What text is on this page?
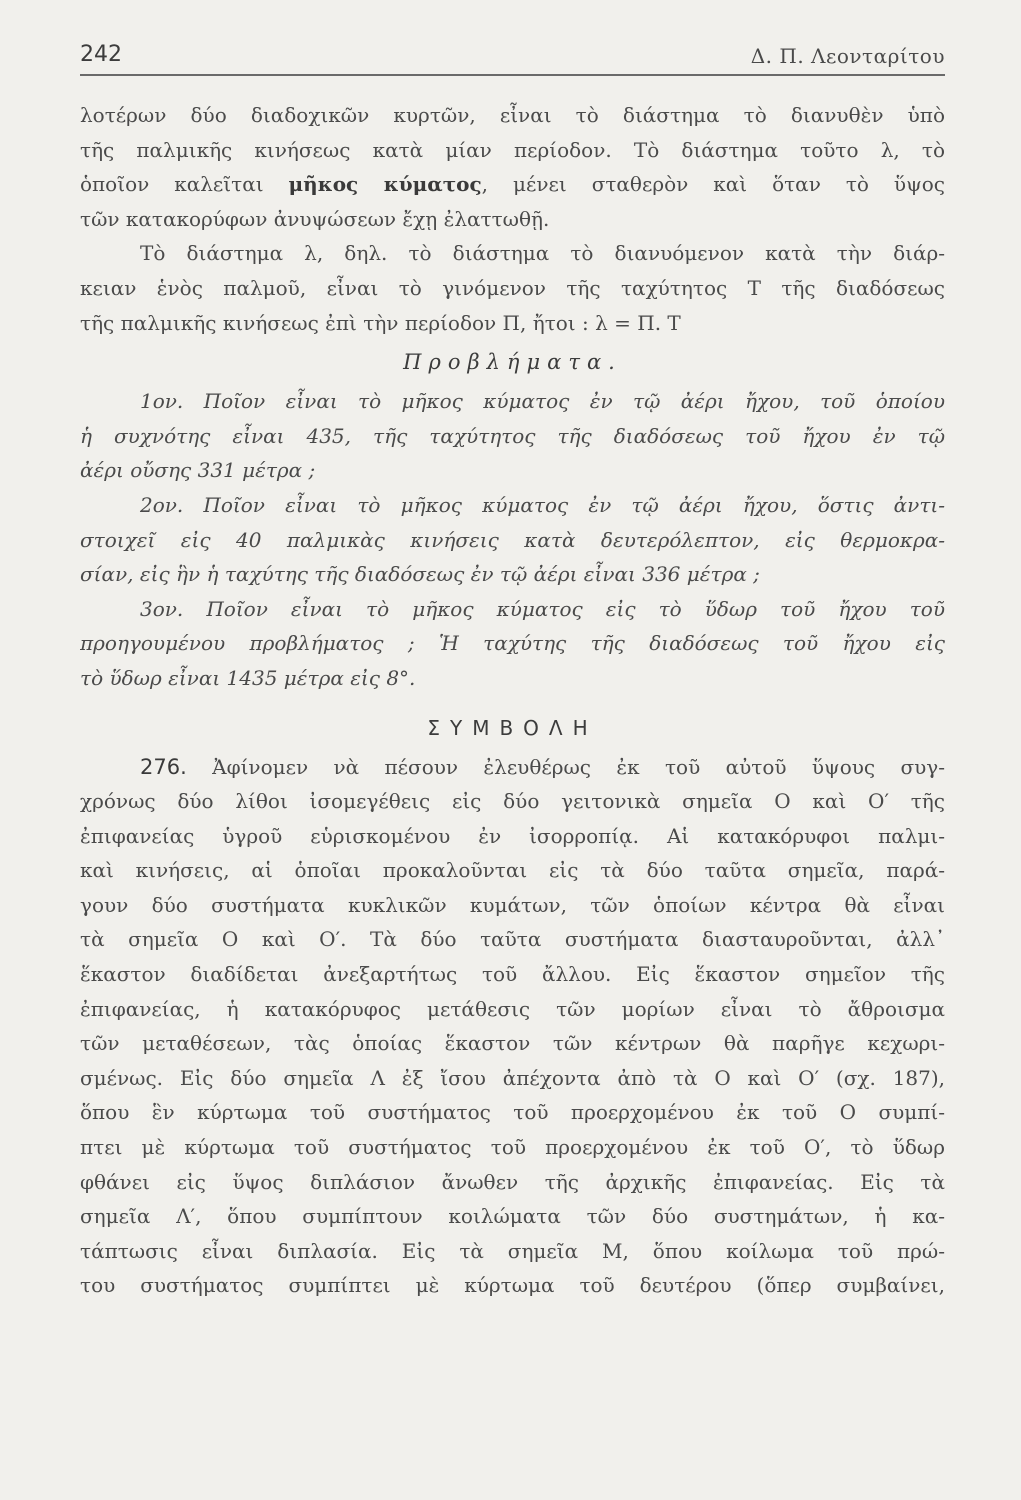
242	Δ. Π. Λεονταρίτου
λοτέρων δύο διαδοχικῶν κυρτῶν, εἶναι τὸ διάστημα τὸ διανυθὲν ὑπὸ
τῆς παλμικῆς κινήσεως κατὰ μίαν περίοδον. Τὸ διάστημα τοῦτο λ, τὸ
ὁποῖον καλεῖται μῆκος κύματος, μένει σταθερὸν καὶ ὅταν τὸ ὕψος
τῶν κατακορύφων ἀνυψώσεων ἔχῃ ἐλαττωθῇ.
Τὸ διάστημα λ, δηλ. τὸ διάστημα τὸ διανυόμενον κατὰ τὴν διάρ-
κειαν ἑνὸς παλμοῦ, εἶναι τὸ γινόμενον τῆς ταχύτητος Τ τῆς διαδόσεως
τῆς παλμικῆς κινήσεως ἐπὶ τὴν περίοδον Π, ἤτοι : λ = Π. Τ
Προβλήματα.
1ον. Ποῖον εἶναι τὸ μῆκος κύματος ἐν τῷ ἀέρι ἤχου, τοῦ ὁποίου
ἡ συχνότης εἶναι 435, τῆς ταχύτητος τῆς διαδόσεως τοῦ ἤχου ἐν τῷ
ἀέρι οὔσης 331 μέτρα ;
2ον. Ποῖον εἶναι τὸ μῆκος κύματος ἐν τῷ ἀέρι ἤχου, ὅστις ἀντι-
στοιχεῖ εἰς 40 παλμικὰς κινήσεις κατὰ δευτερόλεπτον, εἰς θερμοκρα-
σίαν, εἰς ἣν ἡ ταχύτης τῆς διαδόσεως ἐν τῷ ἀέρι εἶναι 336 μέτρα ;
3ον. Ποῖον εἶναι τὸ μῆκος κύματος εἰς τὸ ὕδωρ τοῦ ἤχου τοῦ
προηγουμένου προβλήματος ; Ἡ ταχύτης τῆς διαδόσεως τοῦ ἤχου εἰς
τὸ ὕδωρ εἶναι 1435 μέτρα εἰς 8°.
ΣΥΜΒΟΛΗ
276. Ἀφίνομεν νὰ πέσουν ἐλευθέρως ἐκ τοῦ αὐτοῦ ὕψους συγ-
χρόνως δύο λίθοι ἰσομεγέθεις εἰς δύο γειτονικὰ σημεῖα Ο καὶ Ο′ τῆς
ἐπιφανείας ὑγροῦ εὑρισκομένου ἐν ἰσορροπίᾳ. Αἱ κατακόρυφοι παλμι-
καὶ κινήσεις, αἱ ὁποῖαι προκαλοῦνται εἰς τὰ δύο ταῦτα σημεῖα, παρά-
γουν δύο συστήματα κυκλικῶν κυμάτων, τῶν ὁποίων κέντρα θὰ εἶναι
τὰ σημεῖα Ο καὶ Ο′. Τὰ δύο ταῦτα συστήματα διασταυροῦνται, ἀλλ᾽
ἕκαστον διαδίδεται ἀνεξαρτήτως τοῦ ἄλλου. Εἰς ἕκαστον σημεῖον τῆς
ἐπιφανείας, ἡ κατακόρυφος μετάθεσις τῶν μορίων εἶναι τὸ ἄθροισμα
τῶν μεταθέσεων, τὰς ὁποίας ἕκαστον τῶν κέντρων θὰ παρῆγε κεχωρι-
σμένως. Εἰς δύο σημεῖα Λ ἐξ ἴσου ἀπέχοντα ἀπὸ τὰ Ο καὶ Ο′ (σχ. 187),
ὅπου ἓν κύρτωμα τοῦ συστήματος τοῦ προερχομένου ἐκ τοῦ Ο συμπί-
πτει μὲ κύρτωμα τοῦ συστήματος τοῦ προερχομένου ἐκ τοῦ Ο′, τὸ ὕδωρ
φθάνει εἰς ὕψος διπλάσιον ἄνωθεν τῆς ἀρχικῆς ἐπιφανείας. Εἰς τὰ
σημεῖα Λ′, ὅπου συμπίπτουν κοιλώματα τῶν δύο συστημάτων, ἡ κα-
τάπτωσις εἶναι διπλασία. Εἰς τὰ σημεῖα Μ, ὅπου κοίλωμα τοῦ πρώ-
του συστήματος συμπίπτει μὲ κύρτωμα τοῦ δευτέρου (ὅπερ συμβαίνει,
